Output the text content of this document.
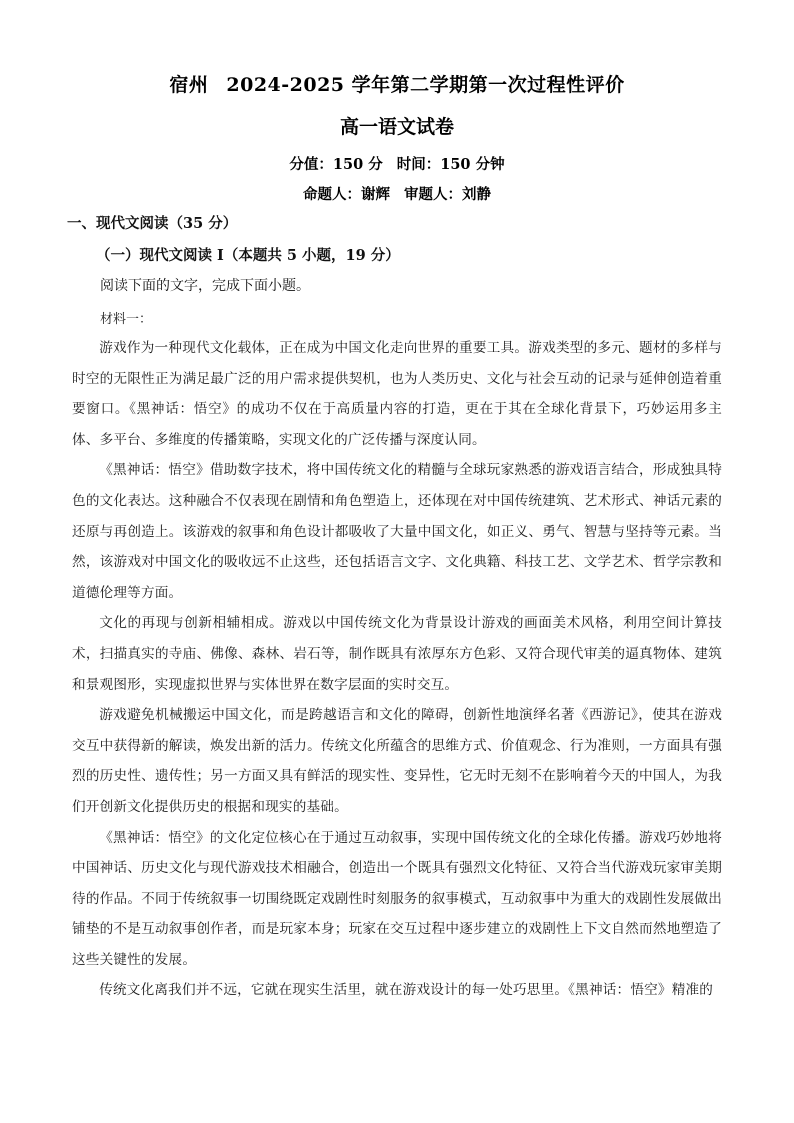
宿州 2024-2025 学年第二学期第一次过程性评价
高一语文试卷
分值：150 分 时间：150 分钟
命题人：谢辉 审题人：刘静
一、现代文阅读（35 分）
（一）现代文阅读 I（本题共 5 小题，19 分）
阅读下面的文字，完成下面小题。
材料一：

游戏作为一种现代文化载体，正在成为中国文化走向世界的重要工具。游戏类型的多元、题材的多样与时空的无限性正为满足最广泛的用户需求提供契机，也为人类历史、文化与社会互动的记录与延伸创造着重要窗口。《黑神话：悟空》的成功不仅在于高质量内容的打造，更在于其在全球化背景下，巧妙运用多主体、多平台、多维度的传播策略，实现文化的广泛传播与深度认同。

《黑神话：悟空》借助数字技术，将中国传统文化的精髓与全球玩家熟悉的游戏语言结合，形成独具特色的文化表达。这种融合不仅表现在剧情和角色塑造上，还体现在对中国传统建筑、艺术形式、神话元素的还原与再创造上。该游戏的叙事和角色设计都吸收了大量中国文化，如正义、勇气、智慧与坚持等元素。当然，该游戏对中国文化的吸收远不止这些，还包括语言文字、文化典籍、科技工艺、文学艺术、哲学宗教和道德伦理等方面。

文化的再现与创新相辅相成。游戏以中国传统文化为背景设计游戏的画面美术风格，利用空间计算技术，扫描真实的寺庙、佛像、森林、岩石等，制作既具有浓厚东方色彩、又符合现代审美的逼真物体、建筑和景观图形，实现虚拟世界与实体世界在数字层面的实时交互。

游戏避免机械搬运中国文化，而是跨越语言和文化的障碍，创新性地演绎名著《西游记》，使其在游戏交互中获得新的解读，焕发出新的活力。传统文化所蕴含的思维方式、价值观念、行为准则，一方面具有强烈的历史性、遗传性；另一方面又具有鲜活的现实性、变异性，它无时无刻不在影响着今天的中国人，为我们开创新文化提供历史的根据和现实的基础。

《黑神话：悟空》的文化定位核心在于通过互动叙事，实现中国传统文化的全球化传播。游戏巧妙地将中国神话、历史文化与现代游戏技术相融合，创造出一个既具有强烈文化特征、又符合当代游戏玩家审美期待的作品。不同于传统叙事一切围绕既定戏剧性时刻服务的叙事模式，互动叙事中为重大的戏剧性发展做出铺垫的不是互动叙事创作者，而是玩家本身；玩家在交互过程中逐步建立的戏剧性上下文自然而然地塑造了这些关键性的发展。

传统文化离我们并不远，它就在现实生活里，就在游戏设计的每一处巧思里。《黑神话：悟空》精准的
